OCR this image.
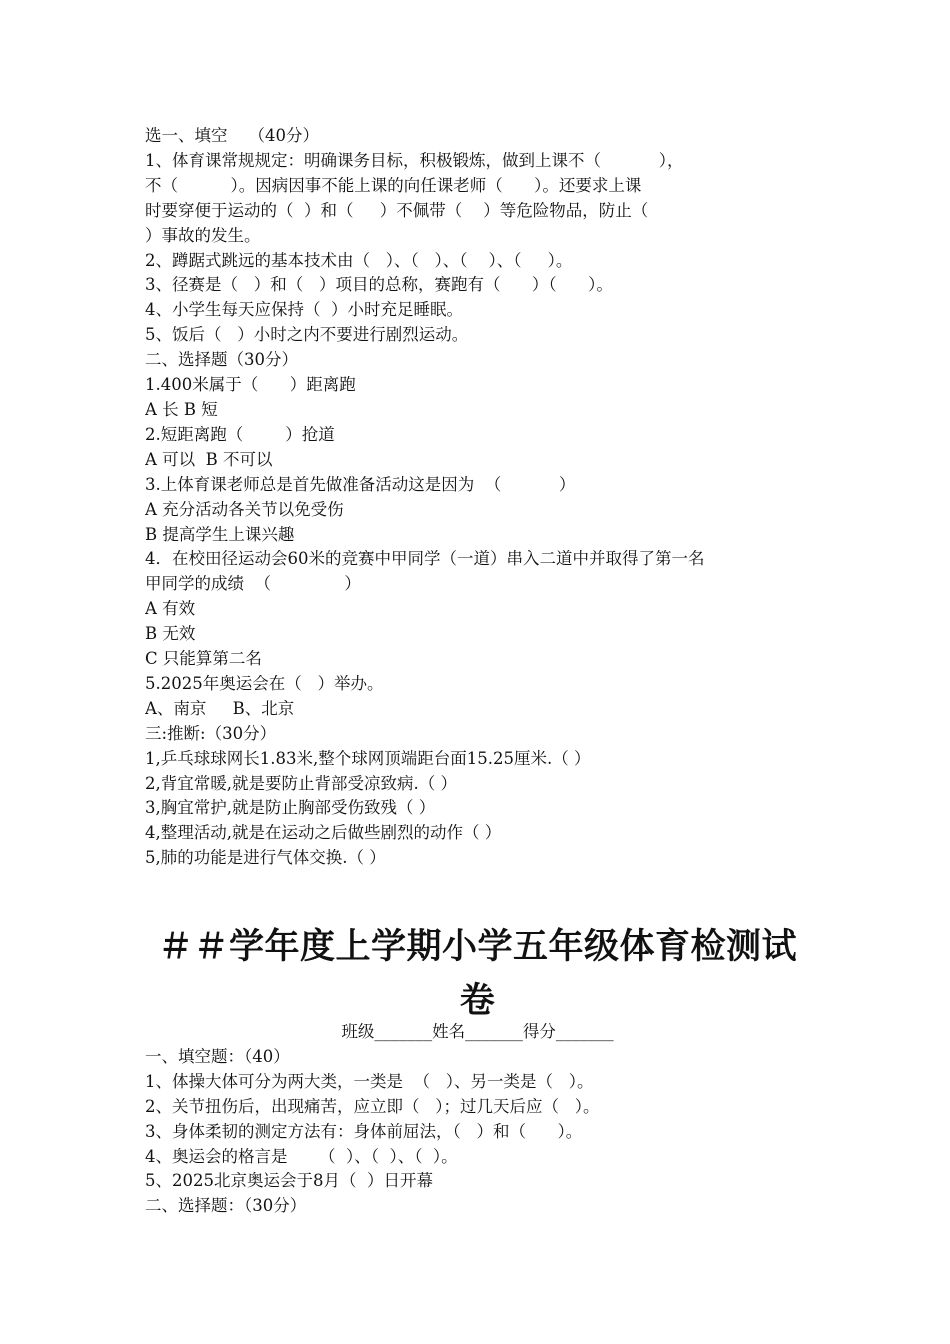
选一、填空    （40分）
1、体育课常规规定：明确课务目标，积极锻炼，做到上课不（           ），
不（          ）。因病因事不能上课的向任课老师（      ）。还要求上课
时要穿便于运动的（  ）和（     ）不佩带（    ）等危险物品，防止（
）事故的发生。
2、蹲踞式跳远的基本技术由（   ）、（   ）、（    ）、（     ）。
3、径赛是（   ）和（   ）项目的总称，赛跑有（      ）（      ）。
4、小学生每天应保持（  ）小时充足睡眠。
5、饭后（   ）小时之内不要进行剧烈运动。
二、选择题（30分）
1.400米属于（      ）距离跑
A 长 B 短
2.短距离跑（        ）抢道
A 可以  B 不可以
3.上体育课老师总是首先做准备活动这是因为  （           ）
A 充分活动各关节以免受伤
B 提高学生上课兴趣
4．在校田径运动会60米的竞赛中甲同学（一道）串入二道中并取得了第一名
甲同学的成绩  （              ）
A 有效
B 无效
C 只能算第二名
5.2025年奥运会在（   ）举办。
A、南京     B、北京
三:推断:（30分）
1,乒乓球球网长1.83米,整个球网顶端距台面15.25厘米.（ ）
2,背宜常暖,就是要防止背部受凉致病.（ ）
3,胸宜常护,就是防止胸部受伤致残（ ）
4,整理活动,就是在运动之后做些剧烈的动作（ ）
5,肺的功能是进行气体交换.（ ）
＃＃学年度上学期小学五年级体育检测试
卷
班级_______姓名_______得分_______
一、填空题：（40）
1、体操大体可分为两大类，一类是  （   ）、另一类是（   ）。
2、关节扭伤后，出现痛苦，应立即（   ）；过几天后应（   ）。
3、身体柔韧的测定方法有：身体前屈法，（   ）和（      ）。
4、奥运会的格言是      （  ）、（  ）、（  ）。
5、2025北京奥运会于8月（  ）日开幕
二、选择题：（30分）
